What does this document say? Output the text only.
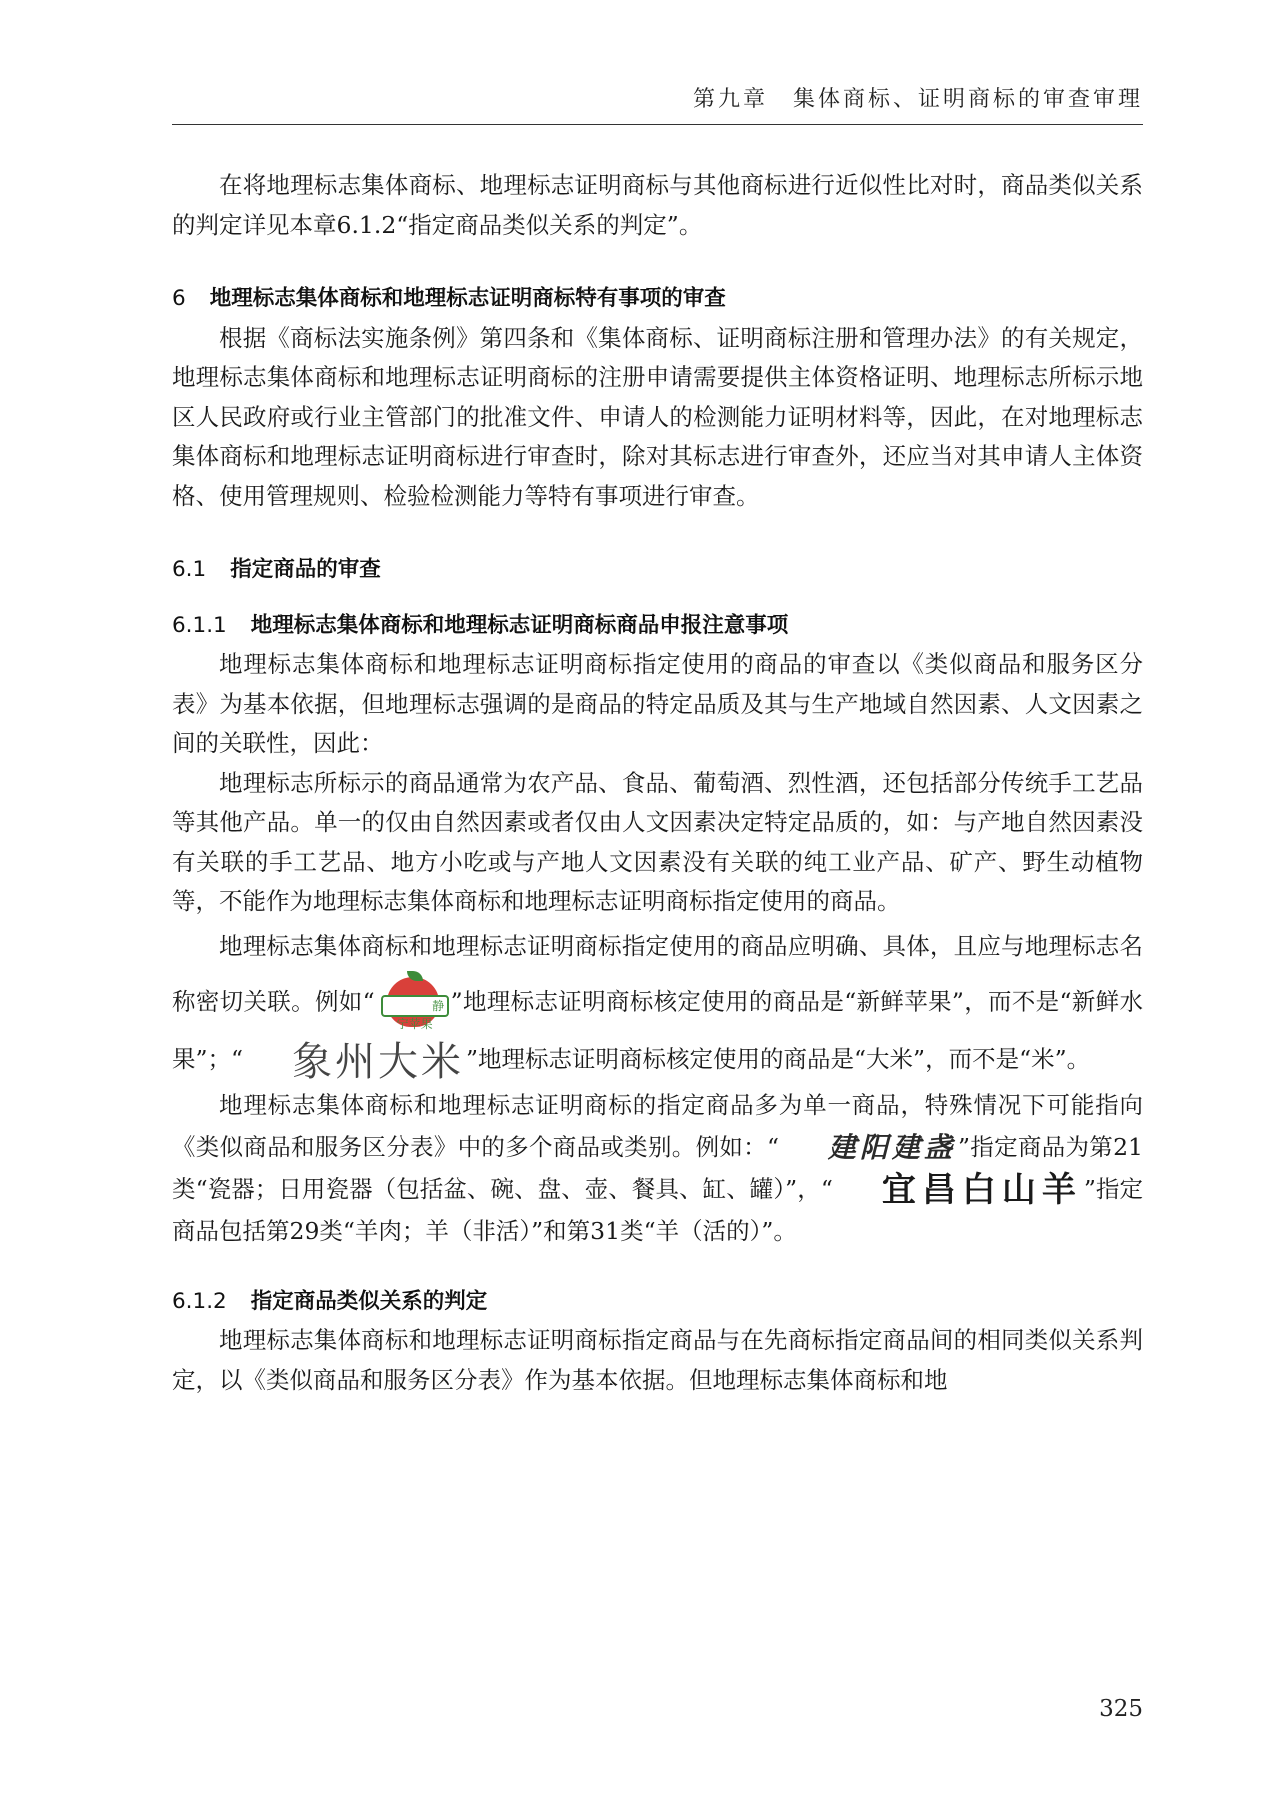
第九章　集体商标、证明商标的审查审理

在将地理标志集体商标、地理标志证明商标与其他商标进行近似性比对时，商品类似关系的判定详见本章6.1.2“指定商品类似关系的判定”。

6 地理标志集体商标和地理标志证明商标特有事项的审查

根据《商标法实施条例》第四条和《集体商标、证明商标注册和管理办法》的有关规定，地理标志集体商标和地理标志证明商标的注册申请需要提供主体资格证明、地理标志所标示地区人民政府或行业主管部门的批准文件、申请人的检测能力证明材料等，因此，在对地理标志集体商标和地理标志证明商标进行审查时，除对其标志进行审查外，还应当对其申请人主体资格、使用管理规则、检验检测能力等特有事项进行审查。

6.1 指定商品的审查
6.1.1 地理标志集体商标和地理标志证明商标商品申报注意事项

地理标志集体商标和地理标志证明商标指定使用的商品的审查以《类似商品和服务区分表》为基本依据，但地理标志强调的是商品的特定品质及其与生产地域自然因素、人文因素之间的关联性，因此：

地理标志所标示的商品通常为农产品、食品、葡萄酒、烈性酒，还包括部分传统手工艺品等其他产品。单一的仅由自然因素或者仅由人文因素决定特定品质的，如：与产地自然因素没有关联的手工艺品、地方小吃或与产地人文因素没有关联的纯工业产品、矿产、野生动植物等，不能作为地理标志集体商标和地理标志证明商标指定使用的商品。

地理标志集体商标和地理标志证明商标指定使用的商品应明确、具体，且应与地理标志名称密切关联。例如“	静宁苹果
”地理标志证明商标核定使用的商品是“新鲜苹果”，而不是“新鲜水果”；“ 象州大米”地理标志证明商标核定使用的商品是“大米”，而不是“米”。

地理标志集体商标和地理标志证明商标的指定商品多为单一商品，特殊情况下可能指向《类似商品和服务区分表》中的多个商品或类别。例如：“ 建阳建盏”指定商品为第21类“瓷器；日用瓷器（包括盆、碗、盘、壶、餐具、缸、罐）”，“ 宜昌白山羊”指定商品包括第29类“羊肉；羊（非活）”和第31类“羊（活的）”。

6.1.2 指定商品类似关系的判定

地理标志集体商标和地理标志证明商标指定商品与在先商标指定商品间的相同类似关系判定，以《类似商品和服务区分表》作为基本依据。但地理标志集体商标和地

325
